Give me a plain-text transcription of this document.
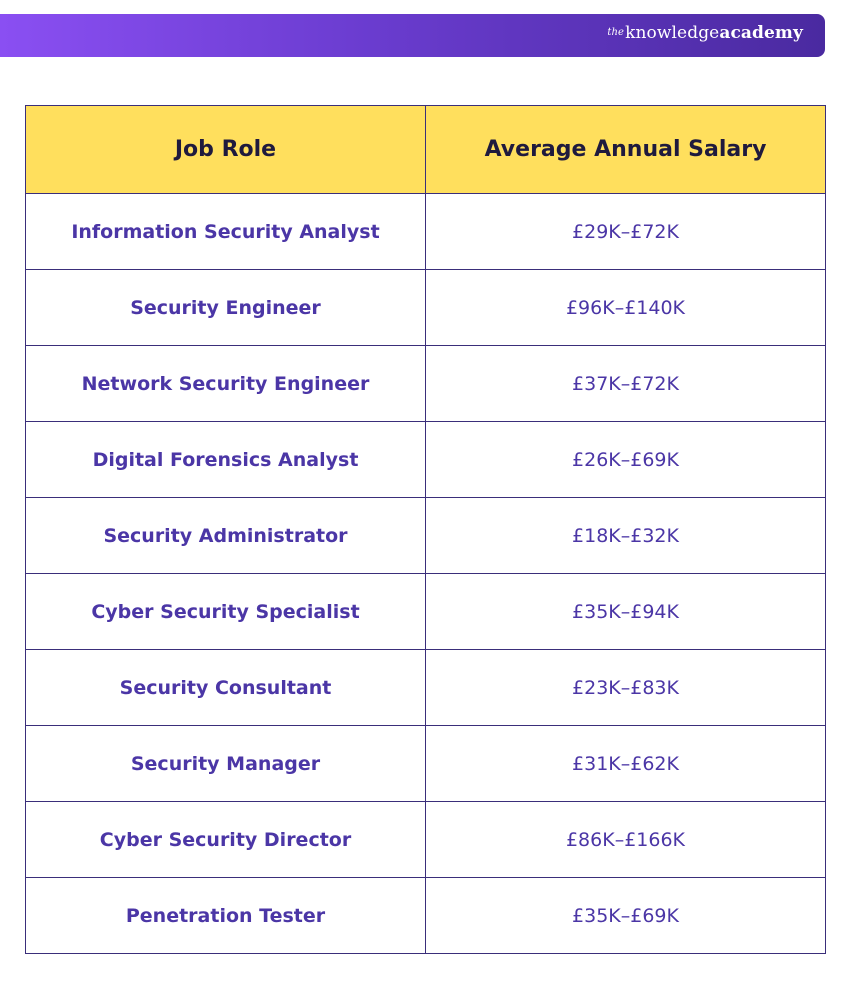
theknowledgeacademy
Job Role	Average Annual Salary
Information Security Analyst	£29K–£72K
Security Engineer	£96K–£140K
Network Security Engineer	£37K–£72K
Digital Forensics Analyst	£26K–£69K
Security Administrator	£18K–£32K
Cyber Security Specialist	£35K–£94K
Security Consultant	£23K–£83K
Security Manager	£31K–£62K
Cyber Security Director	£86K–£166K
Penetration Tester	£35K–£69K
